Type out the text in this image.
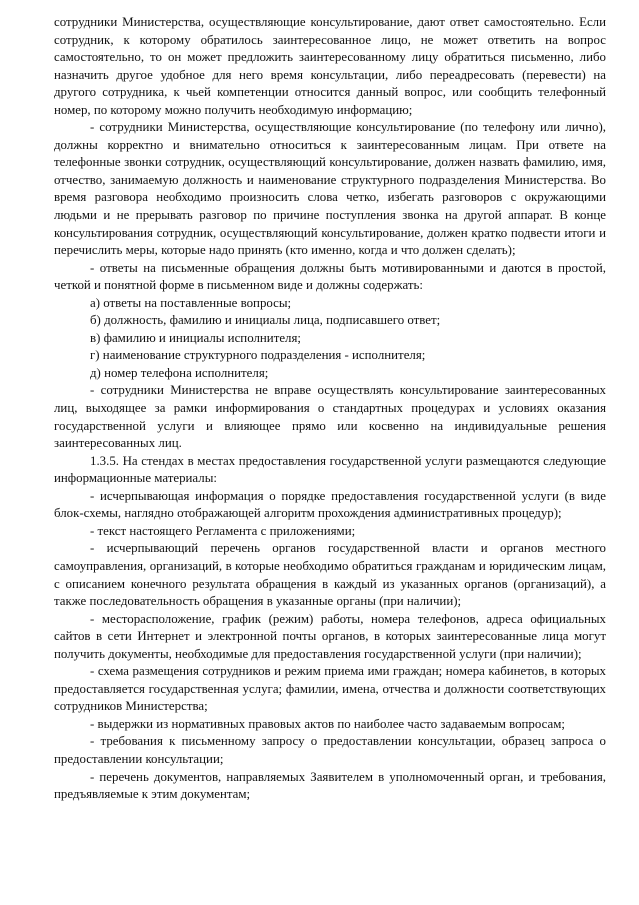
сотрудники Министерства, осуществляющие консультирование, дают ответ самостоятельно. Если сотрудник, к которому обратилось заинтересованное лицо, не может ответить на вопрос самостоятельно, то он может предложить заинтересованному лицу обратиться письменно, либо назначить другое удобное для него время консультации, либо переадресовать (перевести) на другого сотрудника, к чьей компетенции относится данный вопрос, или сообщить телефонный номер, по которому можно получить необходимую информацию;

- сотрудники Министерства, осуществляющие консультирование (по телефону или лично), должны корректно и внимательно относиться к заинтересованным лицам. При ответе на телефонные звонки сотрудник, осуществляющий консультирование, должен назвать фамилию, имя, отчество, занимаемую должность и наименование структурного подразделения Министерства. Во время разговора необходимо произносить слова четко, избегать разговоров с окружающими людьми и не прерывать разговор по причине поступления звонка на другой аппарат. В конце консультирования сотрудник, осуществляющий консультирование, должен кратко подвести итоги и перечислить меры, которые надо принять (кто именно, когда и что должен сделать);

- ответы на письменные обращения должны быть мотивированными и даются в простой, четкой и понятной форме в письменном виде и должны содержать:

а) ответы на поставленные вопросы;

б) должность, фамилию и инициалы лица, подписавшего ответ;

в) фамилию и инициалы исполнителя;

г) наименование структурного подразделения - исполнителя;

д) номер телефона исполнителя;

- сотрудники Министерства не вправе осуществлять консультирование заинтересованных лиц, выходящее за рамки информирования о стандартных процедурах и условиях оказания государственной услуги и влияющее прямо или косвенно на индивидуальные решения заинтересованных лиц.

1.3.5. На стендах в местах предоставления государственной услуги размещаются следующие информационные материалы:

- исчерпывающая информация о порядке предоставления государственной услуги (в виде блок-схемы, наглядно отображающей алгоритм прохождения административных процедур);

- текст настоящего Регламента с приложениями;

- исчерпывающий перечень органов государственной власти и органов местного самоуправления, организаций, в которые необходимо обратиться гражданам и юридическим лицам, с описанием конечного результата обращения в каждый из указанных органов (организаций), а также последовательность обращения в указанные органы (при наличии);

- месторасположение, график (режим) работы, номера телефонов, адреса официальных сайтов в сети Интернет и электронной почты органов, в которых заинтересованные лица могут получить документы, необходимые для предоставления государственной услуги (при наличии);

- схема размещения сотрудников и режим приема ими граждан; номера кабинетов, в которых предоставляется государственная услуга; фамилии, имена, отчества и должности соответствующих сотрудников Министерства;

- выдержки из нормативных правовых актов по наиболее часто задаваемым вопросам;

- требования к письменному запросу о предоставлении консультации, образец запроса о предоставлении консультации;

- перечень документов, направляемых Заявителем в уполномоченный орган, и требования, предъявляемые к этим документам;
